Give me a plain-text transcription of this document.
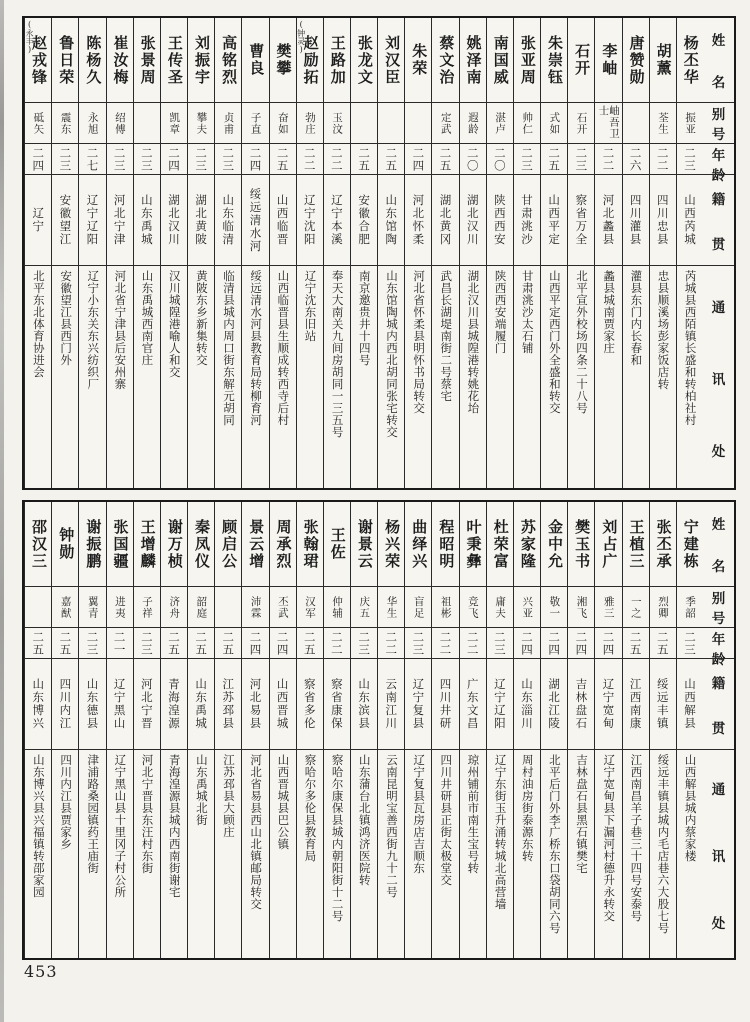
姓
名
别
号
年
龄
籍
贯
通
讯
处
杨丕华
振亚
二三
山西芮城
芮城县西陌镇长盛和转柏社村
胡薰
荃生
二二
四川忠县
忠县顺溪场彭家饭店转
唐赞勋
二六
四川灌县
灌县东门内长春和
李岫
岫吾卫士
二二
河北蠡县
蠡县城南贾家庄
石开
石开
二三
察省万全
北平宣外校场四条二十八号
朱崇钰
式如
二五
山西平定
山西平定西门外全盛和转交
张亚周
帅仁
二三
甘肃洮沙
甘肃洮沙太石铺
南国威
湛卢
二〇
陕西西安
陕西西安端履门
姚泽南
遐龄
二〇
湖北汉川
湖北汉川县城隍港转姚花坮
蔡文治
定武
二五
湖北黄冈
武昌长湖堤南街二号蔡宅
朱荣
二四
河北怀柔
河北省怀柔县明怀书局转交
刘汉臣
二五
山东馆陶
山东馆陶城内西北胡同张宅转交
张龙文
二五
安徽合肥
南京邀贵井十四号
王路加
玉汶
二二
辽宁本溪
奉天大南关九间房胡同一三五号
赵励拓
(钟灵)
勃庄
二二
辽宁沈阳
辽宁沈东旧站
樊攀
奋如
二五
山西临晋
山西临晋县生顺成转西寺后村
曹良
子直
二四
绥远清水河
绥远清水河县教育局转柳育河
高铭烈
贞甫
二三
山东临清
临清县城内周口街东解元胡同
刘振宇
攀夫
二三
湖北黄陂
黄陂东乡新集转交
王传圣
凯章
二四
湖北汉川
汉川城隍港喻人和交
张景周
二三
山东禹城
山东禹城西南官庄
崔汝梅
绍傅
二三
河北宁津
河北省宁津县后安州寨
陈杨久
永旭
二七
辽宁辽阳
辽宁小东关东兴纺织厂
鲁日荣
震东
二三
安徽望江
安徽望江县西门外
赵戎锋
(永丰)
砥矢
二四
辽宁
北平东北体育协进会
姓
名
别
号
年
龄
籍
贯
通
讯
处
宁建栋
季韶
二三
山西解县
山西解县城内蔡家楼
张丕承
烈卿
二五
绥远丰镇
绥远丰镇县城内毛店巷六大股七号
王植三
一之
二五
江西南康
江西南昌羊子巷三十四号安泰号
刘占广
雅三
二四
辽宁宽甸
辽宁宽甸县下漏河村德升永转交
樊玉书
湘飞
二四
吉林盘石
吉林盘石县黑石镇樊宅
金中允
敬一
二四
湖北江陵
北平后门外李广桥东口袋胡同六号
苏家隆
兴亚
二四
山东淄川
周村油房街泰源东转
杜荣富
庸夫
二三
辽宁辽阳
辽宁东街玉升涌转城北高营墙
叶秉彝
竞飞
二二
广东文昌
琼州铺前市南生宝号转
程昭明
祖彬
二二
四川井研
四川井研县正街太极堂交
曲绎兴
盲足
二三
辽宁复县
辽宁复县瓦房店吉顺东
杨兴荣
华生
二二
云南江川
云南昆明宝善西街九十二号
谢景云
庆五
二三
山东滨县
山东蒲台北镇鸿济医院转
王佐
仲辅
二二
察省康保
察哈尔康保县城内朝阳街十二号
张翰珺
汉军
二五
察省多伦
察哈尔多伦县教育局
周承烈
丕武
二四
山西晋城
山西晋城县巴公镇
景云增
沛霖
二四
河北易县
河北省易县西山北镇邮局转交
顾启公
二五
江苏邳县
江苏邳县大顾庄
秦凤仪
韶庭
二五
山东禹城
山东禹城北街
谢万桢
济舟
二五
青海湟源
青海湟源县城内西南街谢宅
王增麟
子祥
二三
河北宁晋
河北宁晋县东汪村东街
张国疆
进夷
二一
辽宁黑山
辽宁黑山县十里冈子村公所
谢振鹏
翼青
二三
山东德县
津浦路桑园镇药王庙街
钟勋
嘉猷
二五
四川内江
四川内江县贾家乡
邵汉三
二五
山东博兴
山东博兴县兴福镇转邵家园
453
